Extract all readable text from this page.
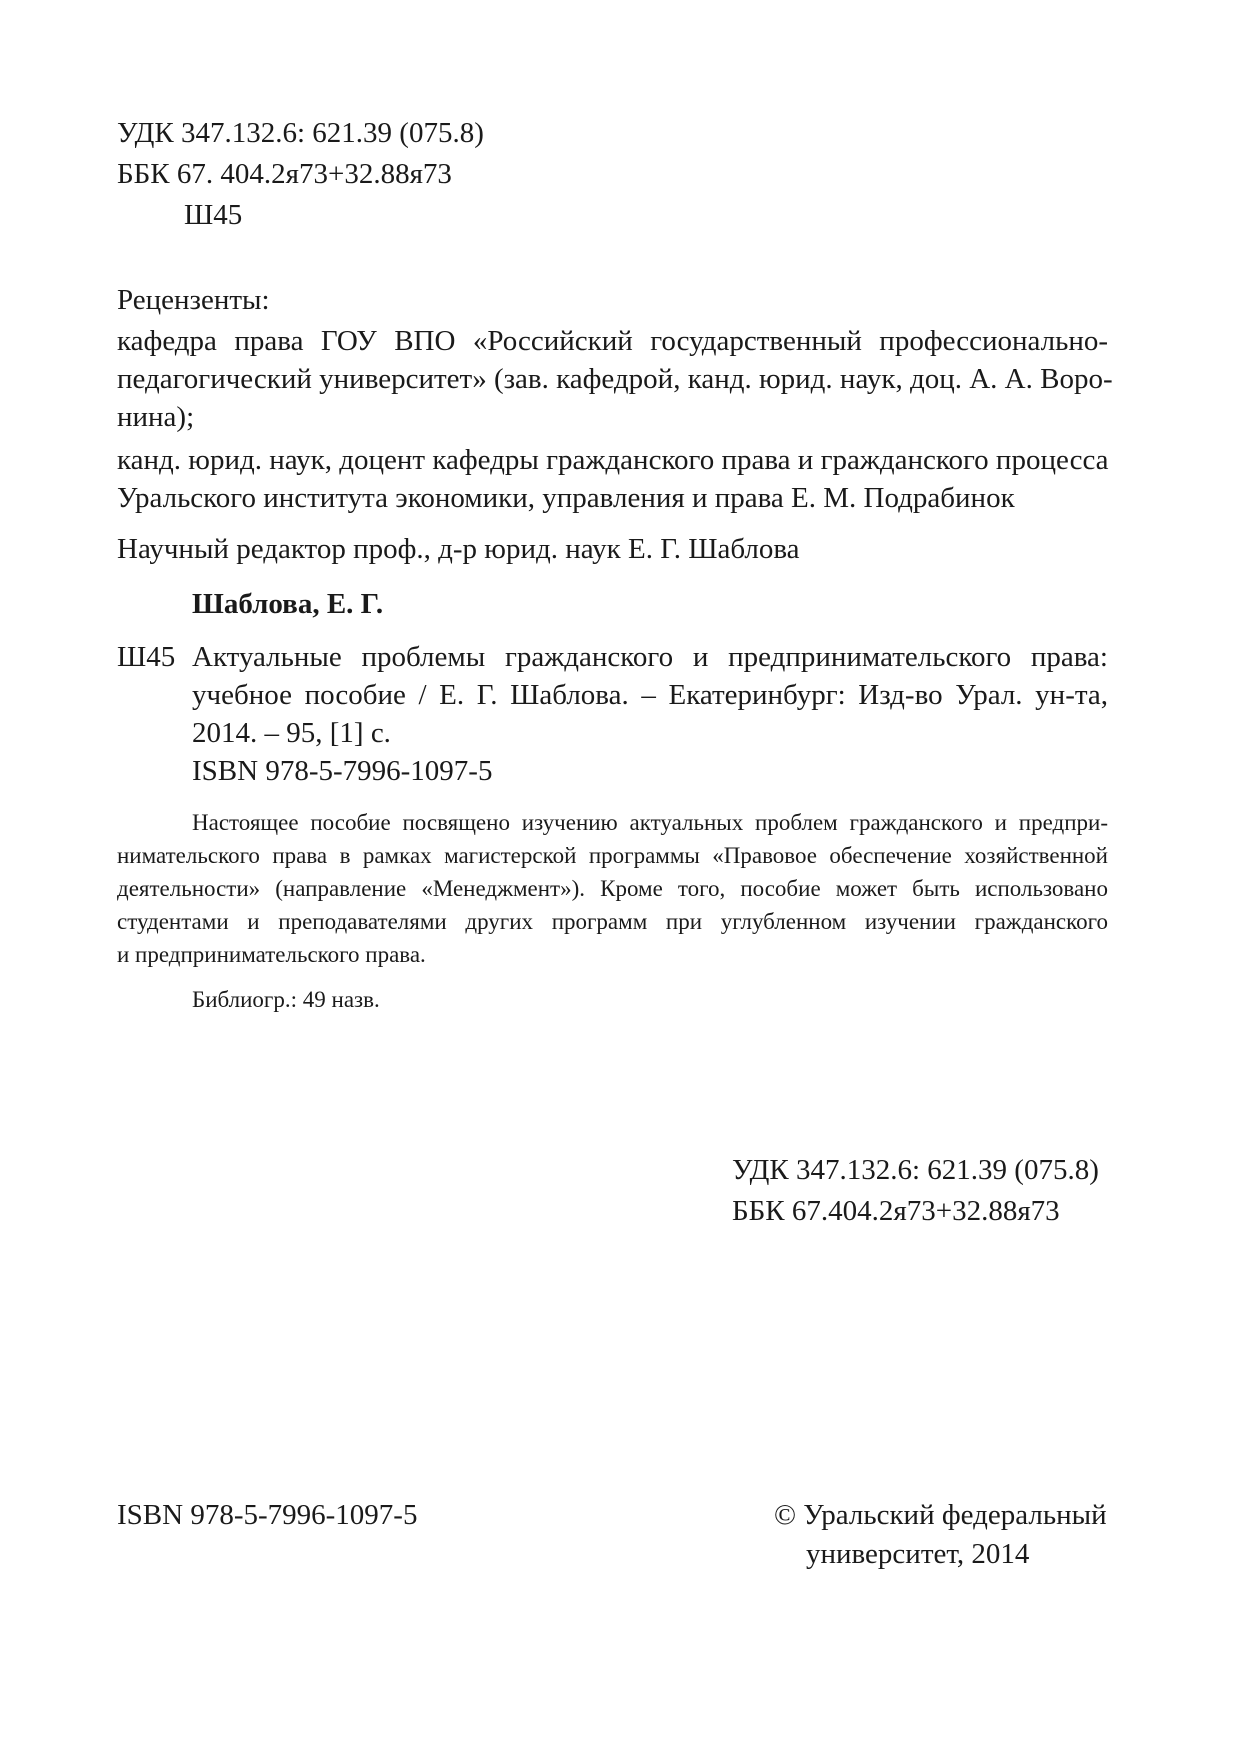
УДК 347.132.6: 621.39 (075.8)
ББК 67. 404.2я73+32.88я73
Ш45
Рецензенты:
кафедра права ГОУ ВПО «Российский государственный профессионально-
педагогический университет» (зав. кафедрой, канд. юрид. наук, доц. А. А. Воро-
нина);
канд. юрид. наук, доцент кафедры гражданского права и гражданского процесса
Уральского института экономики, управления и права Е. М. Подрабинок
Научный редактор проф., д-р юрид. наук Е. Г. Шаблова
Шаблова, Е. Г.
Ш45 Актуальные проблемы гражданского и предпринимательского права:
учебное пособие / Е. Г. Шаблова. – Екатеринбург: Изд-во Урал. ун-та,
2014. – 95, [1] с.
ISBN 978-5-7996-1097-5
Настоящее пособие посвящено изучению актуальных проблем гражданского и предпри-
нимательского права в рамках магистерской программы «Правовое обеспечение хозяйственной
деятельности» (направление «Менеджмент»). Кроме того, пособие может быть использовано
студентами и преподавателями других программ при углубленном изучении гражданского
и предпринимательского права.
Библиогр.: 49 назв.
УДК 347.132.6: 621.39 (075.8)
ББК 67.404.2я73+32.88я73
ISBN 978-5-7996-1097-5	© Уральский федеральный
университет, 2014
